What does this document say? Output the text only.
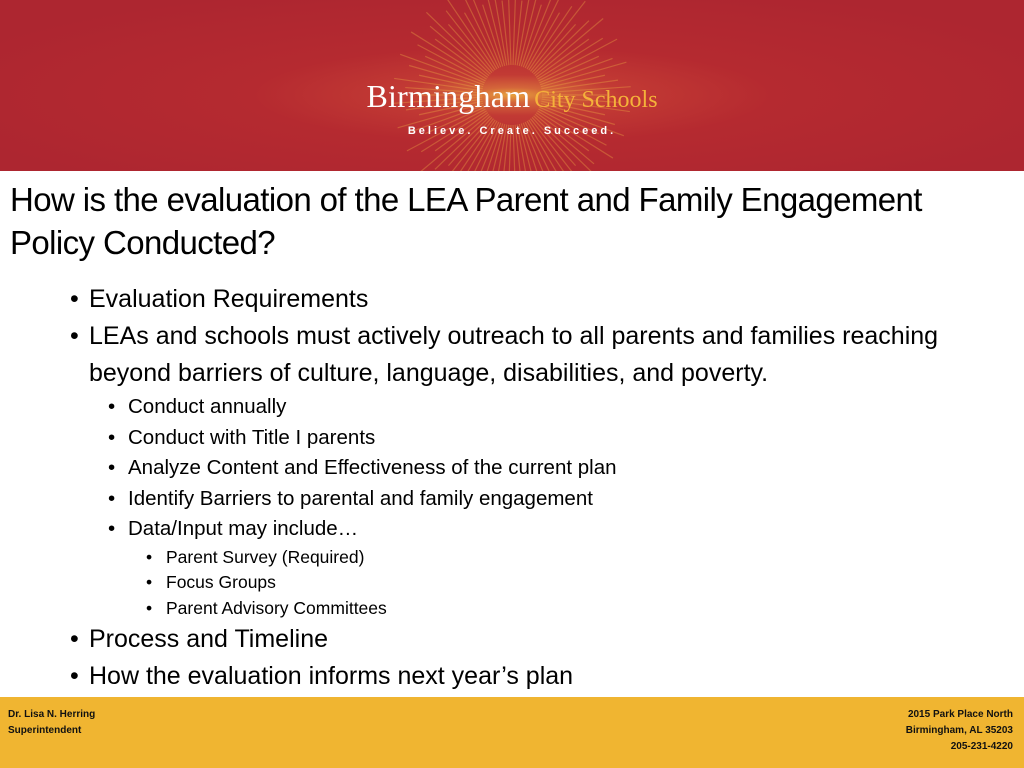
Birmingham City Schools
Believe. Create. Succeed.
How is the evaluation of the LEA Parent and Family Engagement Policy Conducted?
• Evaluation Requirements
• LEAs and schools must actively outreach to all parents and families reaching beyond barriers of culture, language, disabilities, and poverty.
• Conduct annually
• Conduct with Title I parents
• Analyze Content and Effectiveness of the current plan
• Identify Barriers to parental and family engagement
• Data/Input may include…
• Parent Survey (Required)
• Focus Groups
• Parent Advisory Committees
• Process and Timeline
• How the evaluation informs next year’s plan
Dr. Lisa N. Herring
Superintendent
2015 Park Place North
Birmingham, AL 35203
205-231-4220
